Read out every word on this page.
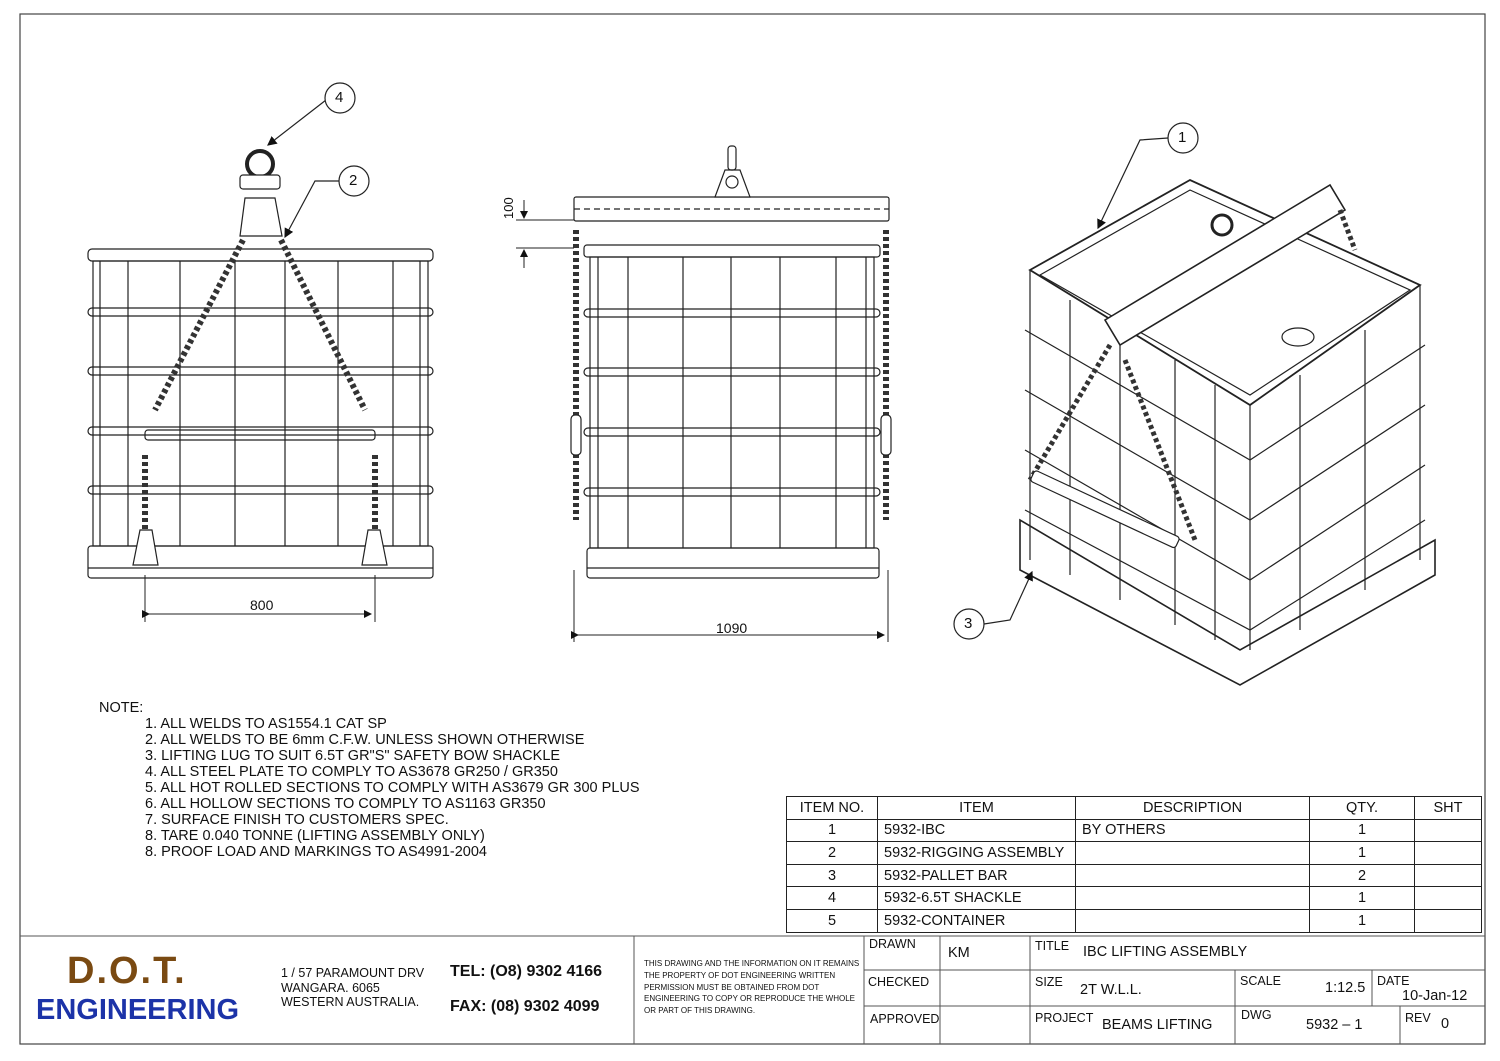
4
2
1
3
800
1090
100
NOTE:
1. ALL WELDS TO AS1554.1 CAT SP
2. ALL WELDS TO BE 6mm C.F.W. UNLESS SHOWN OTHERWISE
3. LIFTING LUG TO SUIT 6.5T GR"S" SAFETY BOW SHACKLE
4. ALL STEEL PLATE TO COMPLY TO AS3678 GR250 / GR350
5. ALL HOT ROLLED SECTIONS TO COMPLY WITH AS3679 GR 300 PLUS
6. ALL HOLLOW SECTIONS TO COMPLY TO AS1163 GR350
7. SURFACE FINISH TO CUSTOMERS SPEC.
8. TARE 0.040 TONNE (LIFTING ASSEMBLY ONLY)
8. PROOF LOAD AND MARKINGS TO AS4991-2004
ITEM NO.	ITEM	DESCRIPTION	QTY.	SHT
1	5932-IBC	BY OTHERS	1	
2	5932-RIGGING ASSEMBLY		1	
3	5932-PALLET BAR		2	
4	5932-6.5T SHACKLE		1	
5	5932-CONTAINER		1	
D.O.T.
ENGINEERING
1 / 57 PARAMOUNT DRV
WANGARA. 6065
WESTERN AUSTRALIA.
TEL: (O8) 9302 4166
FAX: (08) 9302 4099
THIS DRAWING AND THE INFORMATION ON IT REMAINS THE PROPERTY OF DOT ENGINEERING WRITTEN PERMISSION MUST BE OBTAINED FROM DOT ENGINEERING TO COPY OR REPRODUCE THE WHOLE OR PART OF THIS DRAWING.
DRAWN
KM
CHECKED
APPROVED
TITLE IBC LIFTING ASSEMBLY
SIZE 2T W.L.L.
SCALE	1:12.5 DATE
10-Jan-12
PROJECT BEAMS LIFTING
DWG
5932 – 1	REV 0
